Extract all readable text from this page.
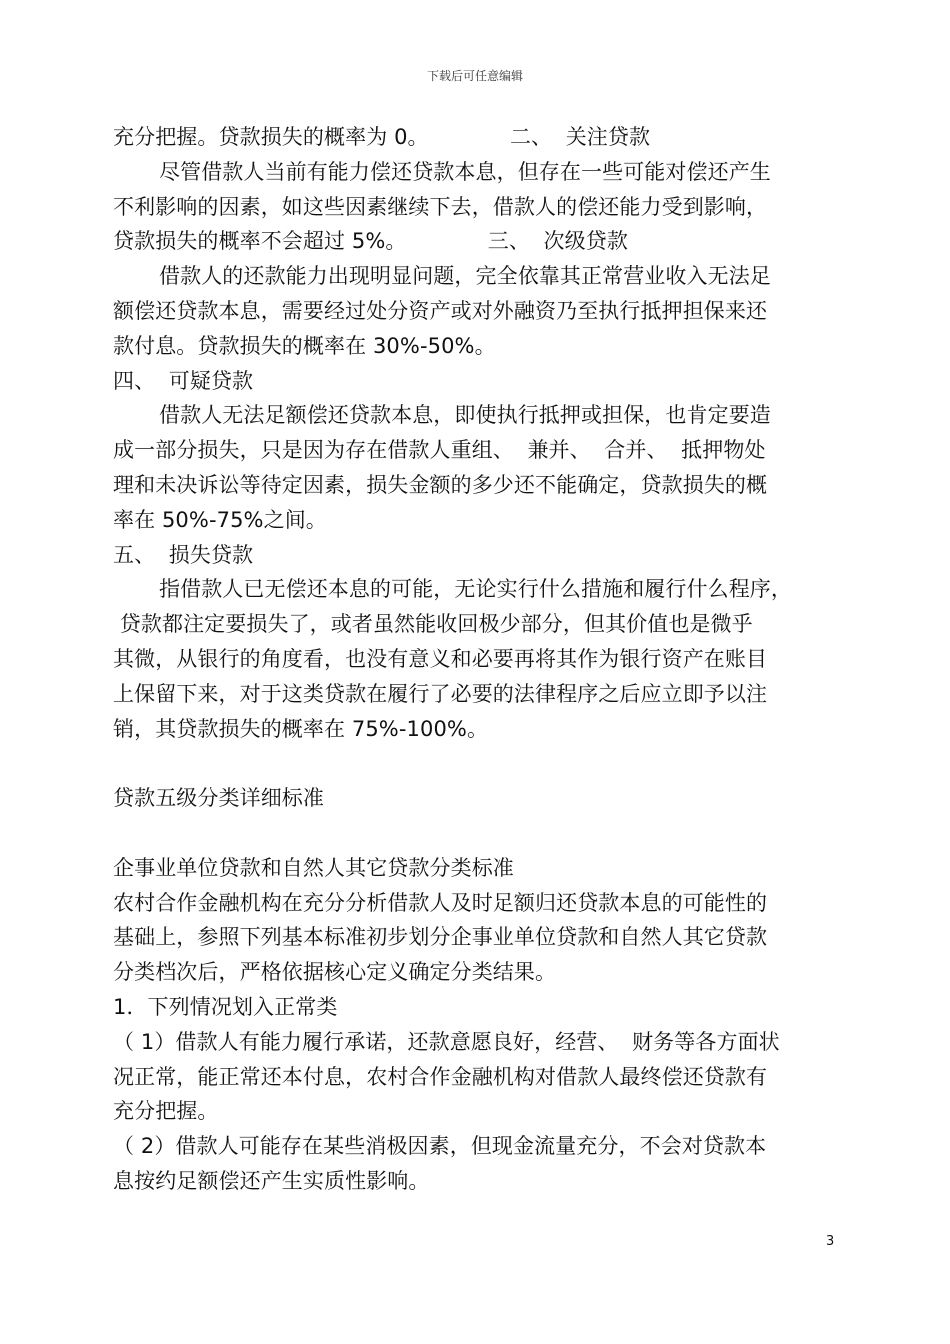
下载后可任意编辑
充分把握。贷款损失的概率为 0。            二、  关注贷款
尽管借款人当前有能力偿还贷款本息，但存在一些可能对偿还产生
不利影响的因素，如这些因素继续下去，借款人的偿还能力受到影响，
贷款损失的概率不会超过 5%。            三、  次级贷款
借款人的还款能力出现明显问题，完全依靠其正常营业收入无法足
额偿还贷款本息，需要经过处分资产或对外融资乃至执行抵押担保来还
款付息。贷款损失的概率在 30%-50%。
四、  可疑贷款
借款人无法足额偿还贷款本息，即使执行抵押或担保，也肯定要造
成一部分损失，只是因为存在借款人重组、  兼并、  合并、  抵押物处
理和未决诉讼等待定因素，损失金额的多少还不能确定，贷款损失的概
率在 50%-75%之间。
五、  损失贷款
指借款人已无偿还本息的可能，无论实行什么措施和履行什么程序，
贷款都注定要损失了，或者虽然能收回极少部分，但其价值也是微乎
其微，从银行的角度看，也没有意义和必要再将其作为银行资产在账目
上保留下来，对于这类贷款在履行了必要的法律程序之后应立即予以注
销，其贷款损失的概率在 75%-100%。
贷款五级分类详细标准
企事业单位贷款和自然人其它贷款分类标准
农村合作金融机构在充分分析借款人及时足额归还贷款本息的可能性的
基础上，参照下列基本标准初步划分企事业单位贷款和自然人其它贷款
分类档次后，严格依据核心定义确定分类结果。
1．下列情况划入正常类
（ 1）借款人有能力履行承诺，还款意愿良好，经营、  财务等各方面状
况正常，能正常还本付息，农村合作金融机构对借款人最终偿还贷款有
充分把握。
（ 2）借款人可能存在某些消极因素，但现金流量充分，不会对贷款本
息按约足额偿还产生实质性影响。
3
